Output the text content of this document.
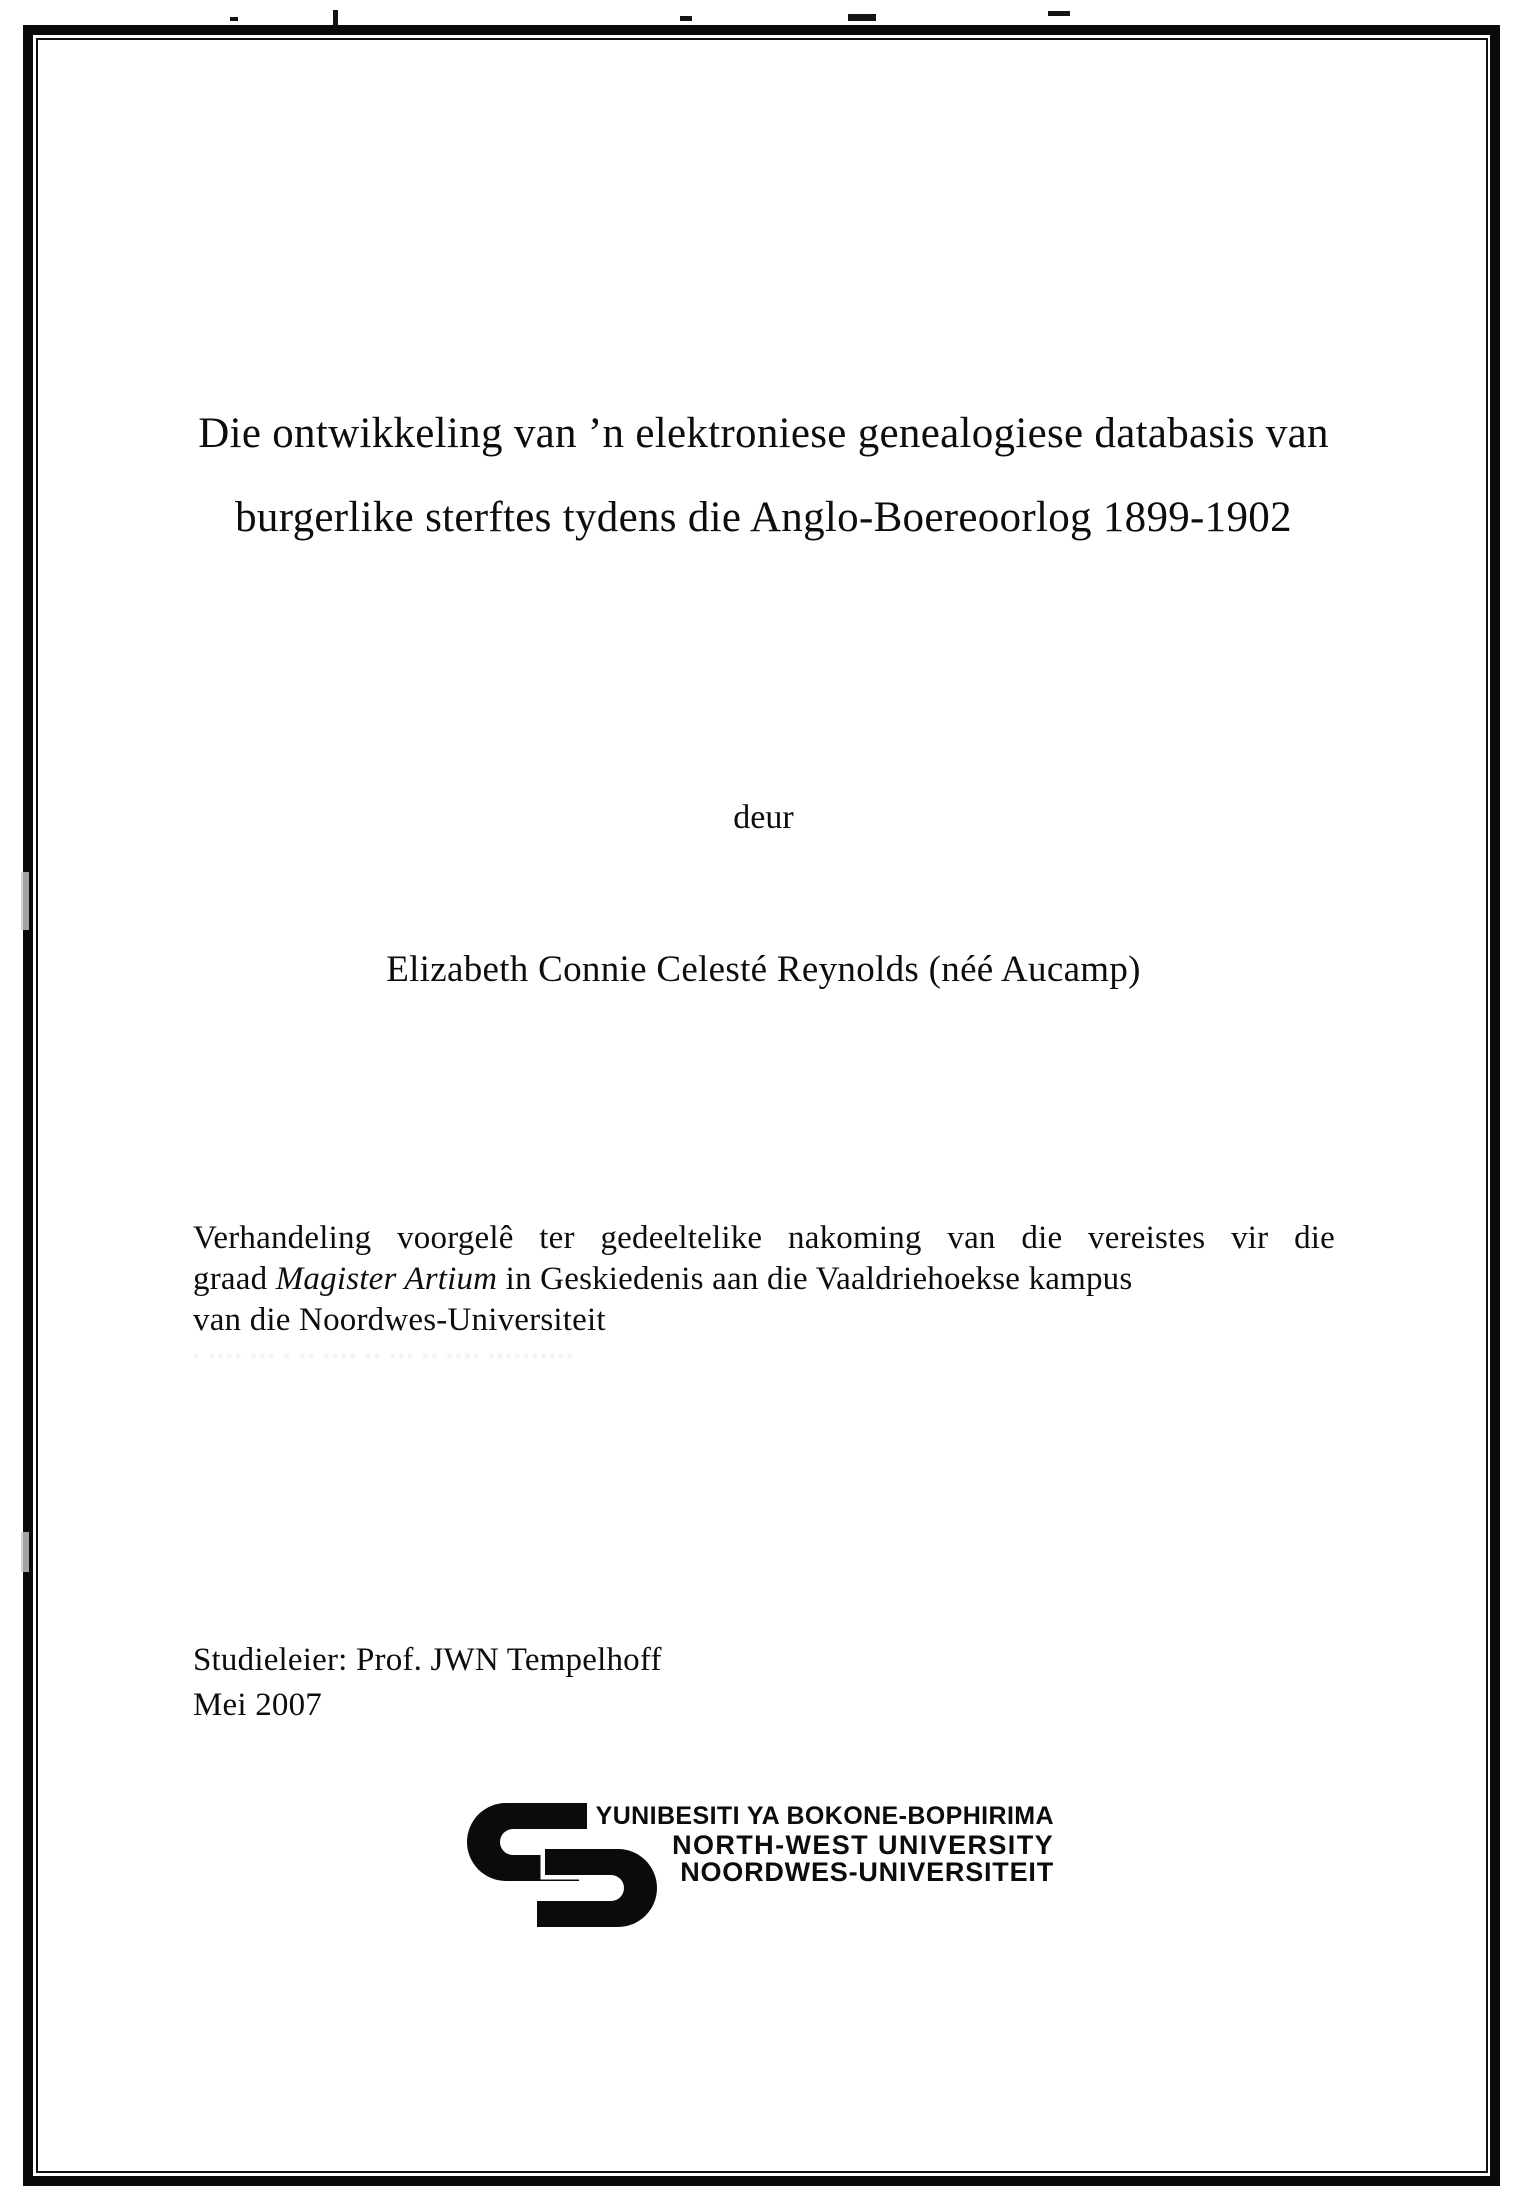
Die ontwikkeling van ’n elektroniese genealogiese databasis van
burgerlike sterftes tydens die Anglo-Boereoorlog 1899-1902
deur
Elizabeth Connie Celesté Reynolds (néé Aucamp)
Verhandeling voorgelê ter gedeeltelike nakoming van die vereistes vir die
graad Magister Artium in Geskiedenis aan die Vaaldriehoekse kampus
van die Noordwes-Universiteit
· ···· ··· · ·· ···· ·· ··· ·· ···· ··········
Studieleier: Prof. JWN Tempelhoff
Mei 2007
YUNIBESITI YA BOKONE-BOPHIRIMA
NORTH-WEST UNIVERSITY
NOORDWES-UNIVERSITEIT
